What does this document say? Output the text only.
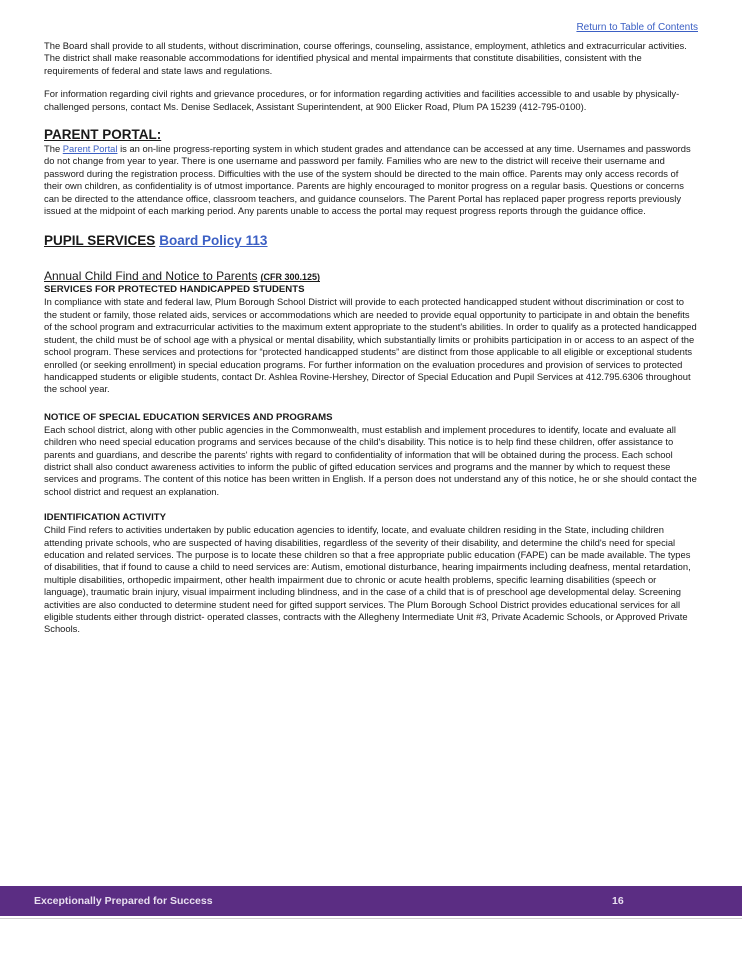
Return to Table of Contents

The Board shall provide to all students, without discrimination, course offerings, counseling, assistance, employment, athletics and extracurricular activities. The district shall make reasonable accommodations for identified physical and mental impairments that constitute disabilities, consistent with the requirements of federal and state laws and regulations.

For information regarding civil rights and grievance procedures, or for information regarding activities and facilities accessible to and usable by physically-challenged persons, contact Ms. Denise Sedlacek, Assistant Superintendent, at 900 Elicker Road, Plum PA 15239 (412-795-0100).

PARENT PORTAL:

The Parent Portal is an on-line progress-reporting system in which student grades and attendance can be accessed at any time. Usernames and passwords do not change from year to year. There is one username and password per family. Families who are new to the district will receive their username and password during the registration process. Difficulties with the use of the system should be directed to the main office. Parents may only access records of their own children, as confidentiality is of utmost importance. Parents are highly encouraged to monitor progress on a regular basis. Questions or concerns can be directed to the attendance office, classroom teachers, and guidance counselors. The Parent Portal has replaced paper progress reports previously issued at the midpoint of each marking period. Any parents unable to access the portal may request progress reports through the guidance office.

PUPIL SERVICES Board Policy 113
Annual Child Find and Notice to Parents (CFR 300.125)
SERVICES FOR PROTECTED HANDICAPPED STUDENTS

In compliance with state and federal law, Plum Borough School District will provide to each protected handicapped student without discrimination or cost to the student or family, those related aids, services or accommodations which are needed to provide equal opportunity to participate in and obtain the benefits of the school program and extracurricular activities to the maximum extent appropriate to the student's abilities. In order to qualify as a protected handicapped student, the child must be of school age with a physical or mental disability, which substantially limits or prohibits participation in or access to an aspect of the school program. These services and protections for “protected handicapped students” are distinct from those applicable to all eligible or exceptional students enrolled (or seeking enrollment) in special education programs. For further information on the evaluation procedures and provision of services to protected handicapped students or eligible students, contact Dr. Ashlea Rovine-Hershey, Director of Special Education and Pupil Services at 412.795.6306 throughout the school year.

NOTICE OF SPECIAL EDUCATION SERVICES AND PROGRAMS

Each school district, along with other public agencies in the Commonwealth, must establish and implement procedures to identify, locate and evaluate all children who need special education programs and services because of the child's disability. This notice is to help find these children, offer assistance to parents and guardians, and describe the parents' rights with regard to confidentiality of information that will be obtained during the process. Each school district shall also conduct awareness activities to inform the public of gifted education services and programs and the manner by which to request these services and programs. The content of this notice has been written in English. If a person does not understand any of this notice, he or she should contact the school district and request an explanation.

IDENTIFICATION ACTIVITY

Child Find refers to activities undertaken by public education agencies to identify, locate, and evaluate children residing in the State, including children attending private schools, who are suspected of having disabilities, regardless of the severity of their disability, and determine the child's need for special education and related services. The purpose is to locate these children so that a free appropriate public education (FAPE) can be made available. The types of disabilities, that if found to cause a child to need services are: Autism, emotional disturbance, hearing impairments including deafness, mental retardation, multiple disabilities, orthopedic impairment, other health impairment due to chronic or acute health problems, specific learning disabilities (speech or language), traumatic brain injury, visual impairment including blindness, and in the case of a child that is of preschool age developmental delay. Screening activities are also conducted to determine student need for gifted support services. The Plum Borough School District provides educational services for all eligible students either through district- operated classes, contracts with the Allegheny Intermediate Unit #3, Private Academic Schools, or Approved Private Schools.

Exceptionally Prepared for Success	16
